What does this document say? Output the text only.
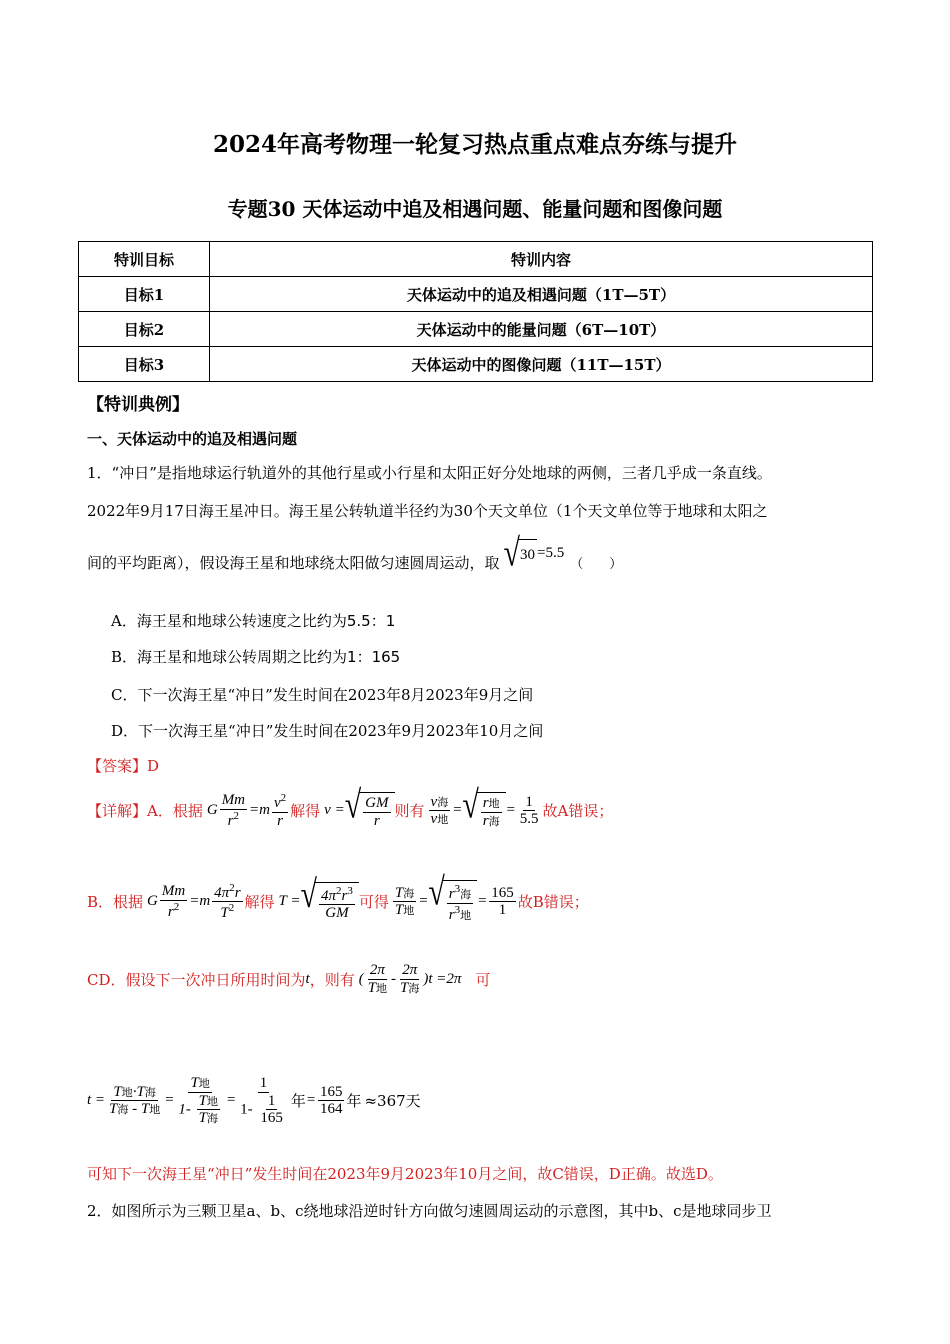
2024年高考物理一轮复习热点重点难点夯练与提升
专题30 天体运动中追及相遇问题、能量问题和图像问题
特训目标	特训内容
目标1	天体运动中的追及相遇问题（1T—5T）
目标2	天体运动中的能量问题（6T—10T）
目标3	天体运动中的图像问题（11T—15T）
【特训典例】
一、天体运动中的追及相遇问题
1．“冲日”是指地球运行轨道外的其他行星或小行星和太阳正好分处地球的两侧，三者几乎成一条直线。
2022年9月17日海王星冲日。海王星公转轨道半径约为30个天文单位（1个天文单位等于地球和太阳之
间的平均距离），假设海王星和地球绕太阳做匀速圆周运动，取 √ 30 =5.5
（　　）
A．海王星和地球公转速度之比约为5.5：1
B．海王星和地球公转周期之比约为1：165
C．下一次海王星“冲日”发生时间在2023年8月2023年9月之间
D．下一次海王星“冲日”发生时间在2023年9月2023年10月之间
【答案】D
【详解】A．根据 G $\frac{Mm}{r^2} =m \frac{v^2}{r}$ 解得 v = √ $\frac{GM}{r}$ 则有 $\frac{\text{v海}}{\text{v地}}$ = √ $\frac{\text{r地}}{\text{r海}} = \frac{1}{5.5}$ 故A错误；
B．根据 G $\frac{Mm}{r^2} =m \frac{4\pi^2r}{T^2}$ 解得 T = √ $\frac{4\pi^2r^3}{GM}$ 可得 $\frac{\text{T海}}{\text{T地}}$ = √ $\frac{r^3海}{r^3地} = \frac{165}{1}$ 故B错误；
CD．假设下一次冲日所用时间为 t ，则有 ( $\frac{2\pi}{\text{T地}} - \frac{2\pi}{\text{T海}} )t =2\pi$ 可
$t = \frac{\text{T地·T海}}{\text{T海 - T地}} = \frac{\text{T地}}{1- \frac{\text{T地}}{\text{T海}}} = \frac{1}{1- \frac{1}{165}}$ 年 = $\frac{165}{164}$ 年 ≈367天
可知下一次海王星“冲日”发生时间在2023年9月2023年10月之间，故C错误，D正确。故选D。
2．如图所示为三颗卫星a、b、c绕地球沿逆时针方向做匀速圆周运动的示意图，其中b、c是地球同步卫
